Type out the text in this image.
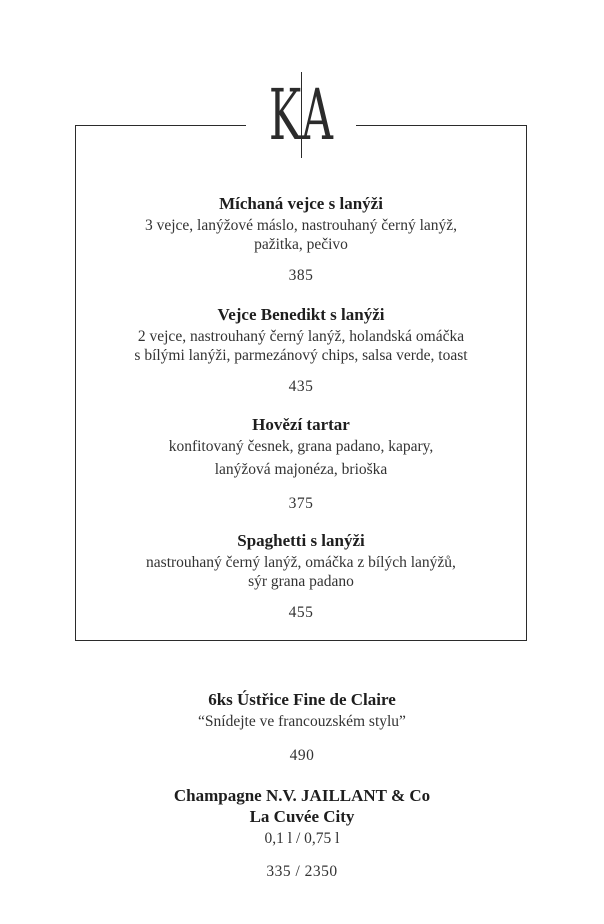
K A
Míchaná vejce s lanýži
3 vejce, lanýžové máslo, nastrouhaný černý lanýž,
pažitka, pečivo
385
Vejce Benedikt s lanýži
2 vejce, nastrouhaný černý lanýž, holandská omáčka
s bílými lanýži, parmezánový chips, salsa verde, toast
435
Hovězí tartar
konfitovaný česnek, grana padano, kapary,
lanýžová majonéza, brioška
375
Spaghetti s lanýži
nastrouhaný černý lanýž, omáčka z bílých lanýžů,
sýr grana padano
455
6ks Ústřice Fine de Claire
“Snídejte ve francouzském stylu”
490
Champagne N.V. JAILLANT & Co
La Cuvée City
0,1 l / 0,75 l
335 / 2350
